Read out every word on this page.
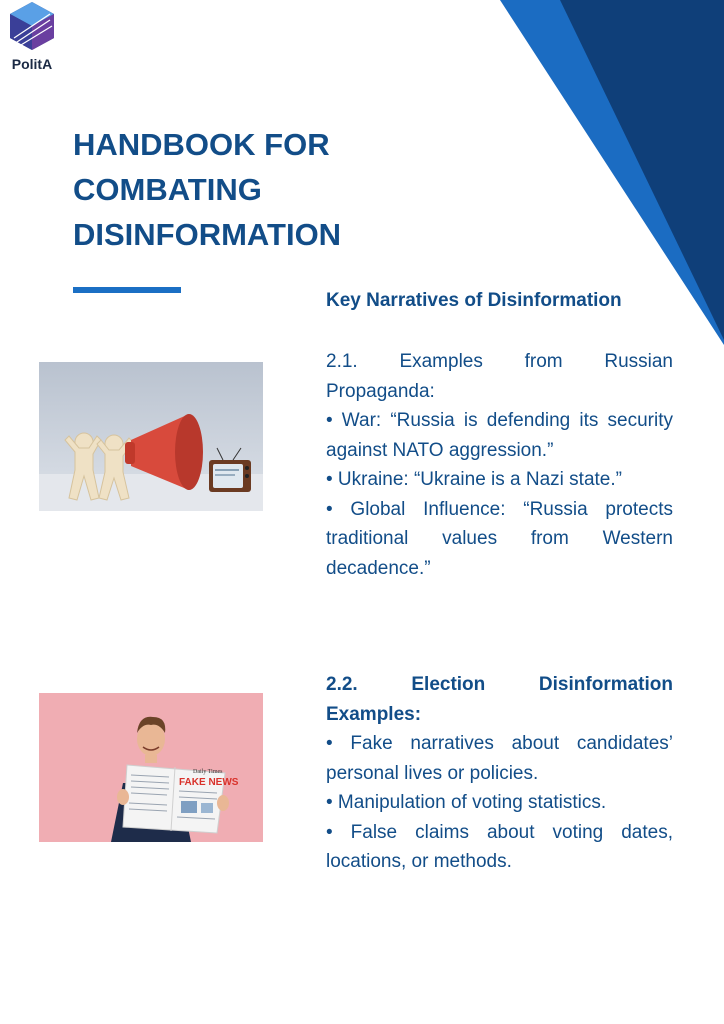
PolitA
HANDBOOK FOR
COMBATING
DISINFORMATION
Key Narratives of Disinformation

2.1. Examples from Russian Propaganda:

• War: “Russia is defending its security against NATO aggression.”

• Ukraine: “Ukraine is a Nazi state.”

• Global Influence: “Russia protects traditional values from Western decadence.”

2.2. Election Disinformation Examples:

• Fake narratives about candidates’ personal lives or policies.

• Manipulation of voting statistics.

• False claims about voting dates, locations, or methods.

Daily Times
FAKE NEWS
